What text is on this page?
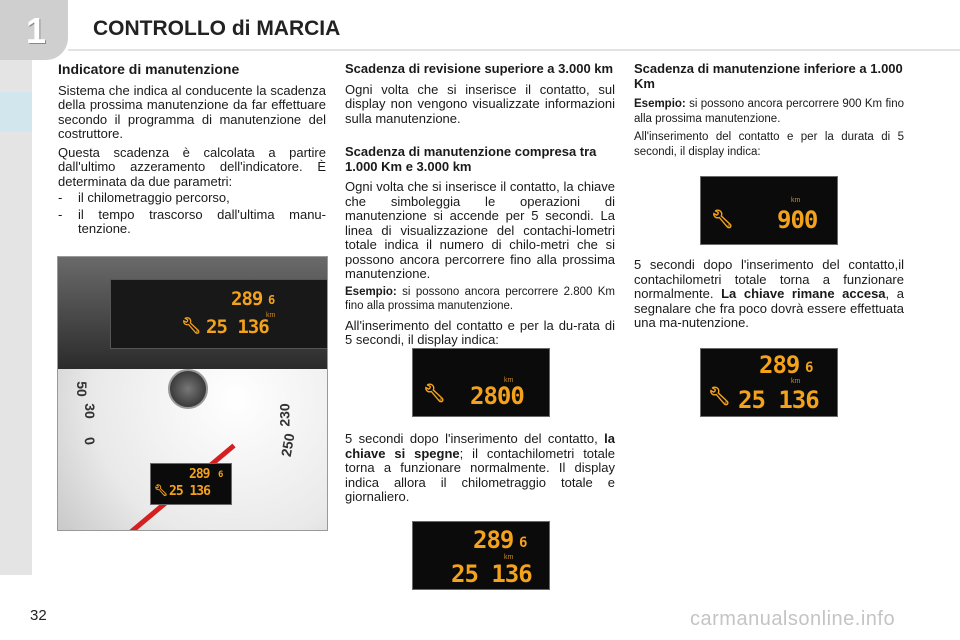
1 CONTROLLO di MARCIA
Indicatore di manutenzione

Sistema che indica al conducente la scadenza della prossima manutenzione da far effettuare secondo il programma di manutenzione del costruttore.

Questa scadenza è calcolata a partire dall'ultimo azzeramento dell'indicatore. È determinata da due parametri:

-	il chilometraggio percorso,
-	il tempo trascorso dall'ultima manu-tenzione.
289 6
km
🔧︎ 25 136
50
30
0
230
250
289 6
🔧︎ 25 136

Scadenza di revisione superiore a 3.000 km

Ogni volta che si inserisce il contatto, sul display non vengono visualizzate informazioni sulla manutenzione.

Scadenza di manutenzione compresa tra 1.000 Km e 3.000 km

Ogni volta che si inserisce il contatto, la chiave che simboleggia le operazioni di manutenzione si accende per 5 secondi. La linea di visualizzazione del contachi-lometri totale indica il numero di chilo-metri che si possono ancora percorrere fino alla prossima manutenzione.

Esempio: si possono ancora percorrere 2.800 Km fino alla prossima manutenzione.

All'inserimento del contatto e per la du-rata di 5 secondi, il display indica:

km
🔧︎ 2800

5 secondi dopo l'inserimento del contatto, la chiave si spegne; il contachilometri totale torna a funzionare normalmente. Il display indica allora il chilometraggio totale e giornaliero.

289 6
km
25 136

Scadenza di manutenzione inferiore a 1.000 Km

Esempio: si possono ancora percorrere 900 Km fino alla prossima manutenzione.

All'inserimento del contatto e per la durata di 5 secondi, il display indica:

km
🔧︎ 900

5 secondi dopo l'inserimento del contatto,il contachilometri totale torna a funzionare normalmente. La chiave rimane accesa, a segnalare che fra poco dovrà essere effettuata una ma-nutenzione.

289 6
km
🔧︎ 25 136
32	carmanualsonline.info
